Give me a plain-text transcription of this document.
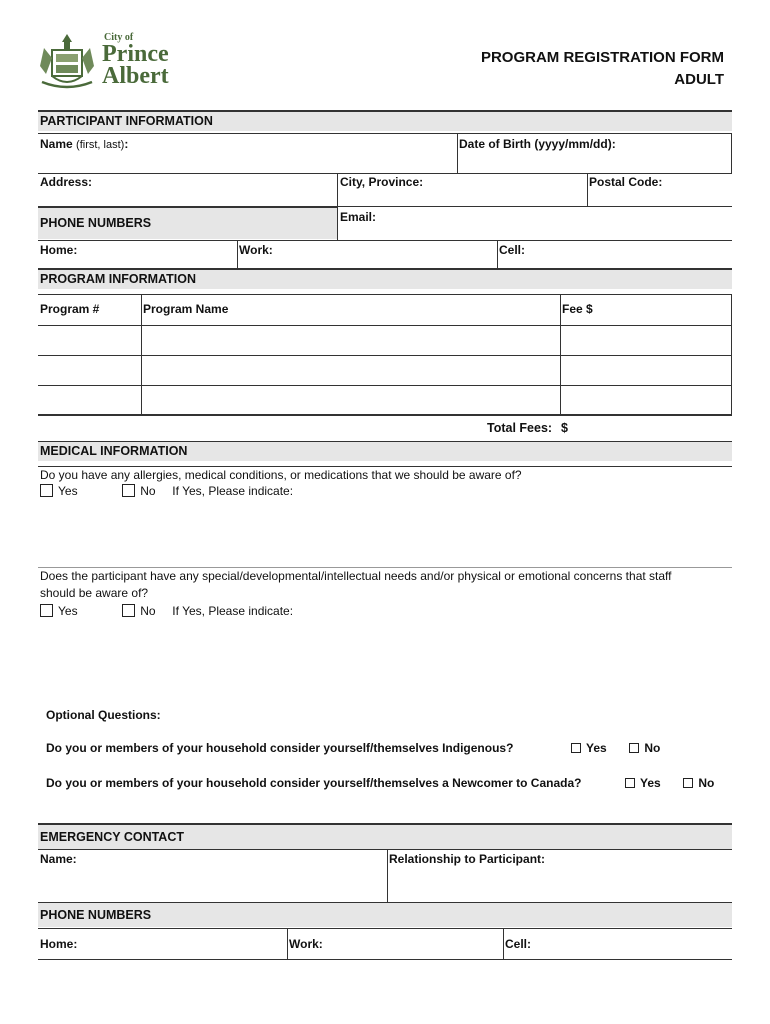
City of
Prince
Albert
PROGRAM REGISTRATION FORM
ADULT
PARTICIPANT INFORMATION
Name (first, last):	Date of Birth (yyyy/mm/dd):
Address:	City, Province:	Postal Code:
Email:
PHONE NUMBERS
Home:	Work:	Cell:
PROGRAM INFORMATION
Program #	Program Name	Fee $
Total Fees: $
MEDICAL INFORMATION
Do you have any allergies, medical conditions, or medications that we should be aware of?
Yes	No If Yes, Please indicate:
Does the participant have any special/developmental/intellectual needs and/or physical or emotional concerns that staff
should be aware of?
Yes	No If Yes, Please indicate:
Optional Questions:
Do you or members of your household consider yourself/themselves Indigenous?	Yes	No
Do you or members of your household consider yourself/themselves a Newcomer to Canada?	Yes	No
EMERGENCY CONTACT
Name:	Relationship to Participant:
PHONE NUMBERS
Home:	Work:	Cell:
